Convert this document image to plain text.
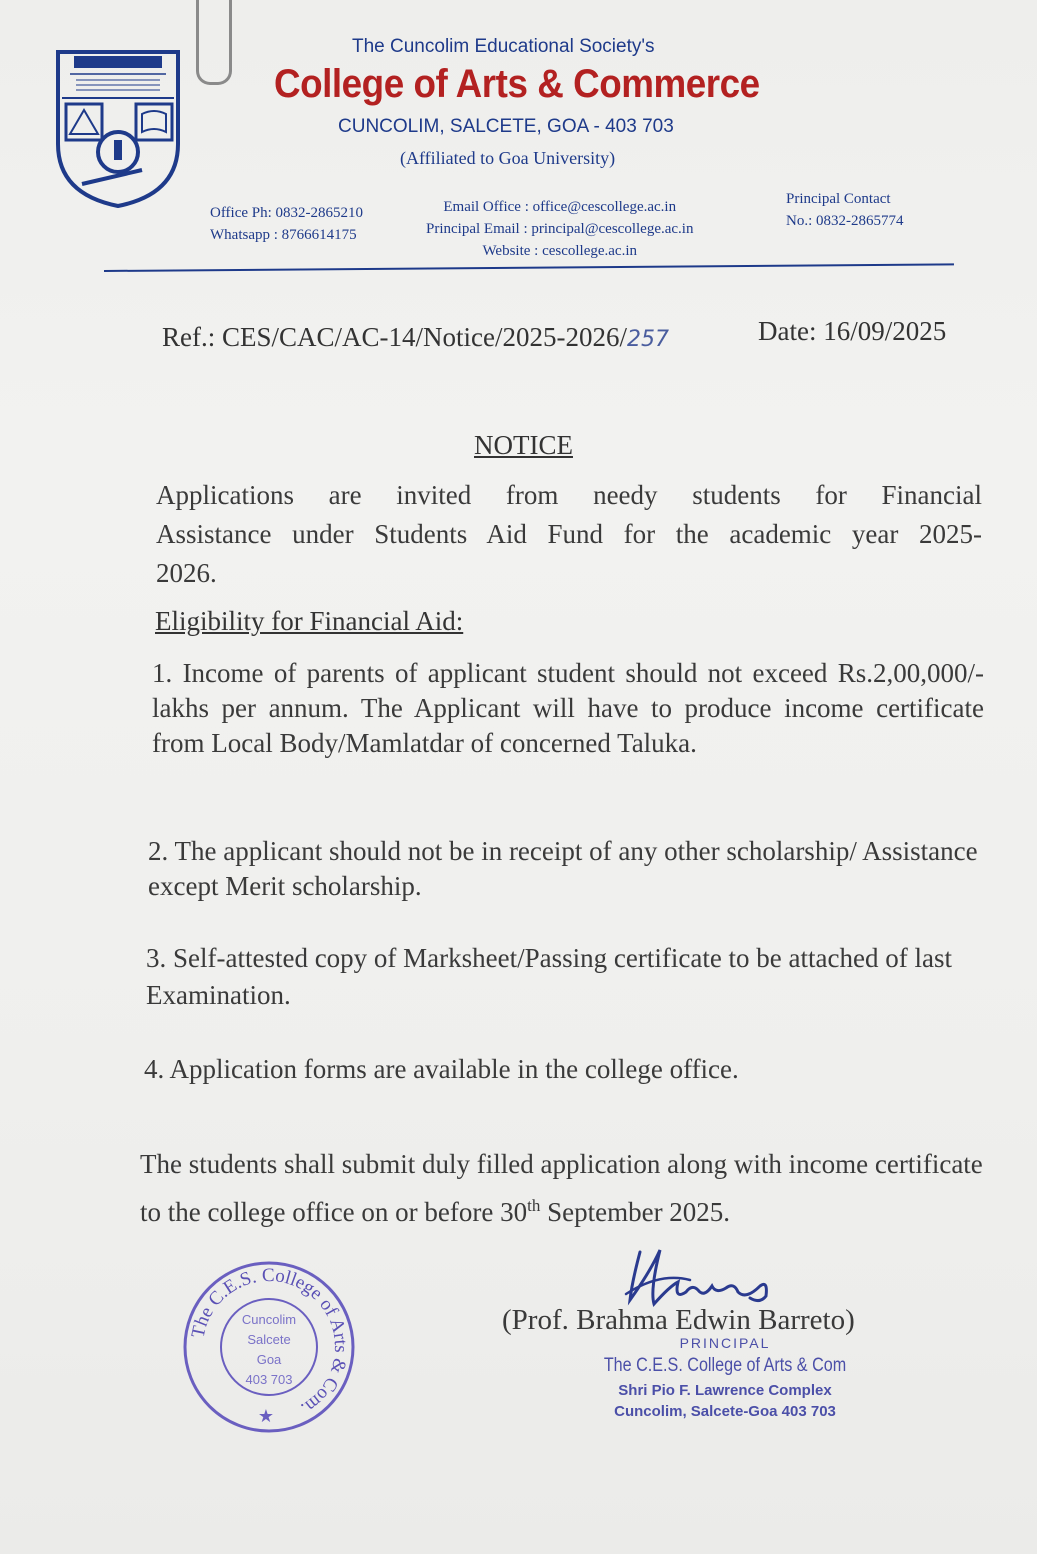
The Cuncolim Educational Society's
College of Arts & Commerce
CUNCOLIM, SALCETE, GOA - 403 703
(Affiliated to Goa University)
Office Ph: 0832-2865210
Whatsapp : 8766614175
Email Office : office@cescollege.ac.in
Principal Email : principal@cescollege.ac.in
Website : cescollege.ac.in
Principal Contact
No.: 0832-2865774
Ref.: CES/CAC/AC-14/Notice/2025-2026/257	Date: 16/09/2025
NOTICE
Applications are invited from needy students for Financial Assistance under Students Aid Fund for the academic year 2025-2026.
Eligibility for Financial Aid:
1. Income of parents of applicant student should not exceed Rs.2,00,000/- lakhs per annum. The Applicant will have to produce income certificate from Local Body/Mamlatdar of concerned Taluka.
2. The applicant should not be in receipt of any other scholarship/ Assistance except Merit scholarship.
3. Self-attested copy of Marksheet/Passing certificate to be attached of last Examination.
4. Application forms are available in the college office.
The students shall submit duly filled application along with income certificate to the college office on or before 30th September 2025.
The C.E.S. College of Arts & Com.
Cuncolim
Salcete
Goa
403 703
★
(Prof. Brahma Edwin Barreto)
PRINCIPAL
The C.E.S. College of Arts & Com
Shri Pio F. Lawrence Complex
Cuncolim, Salcete-Goa 403 703
